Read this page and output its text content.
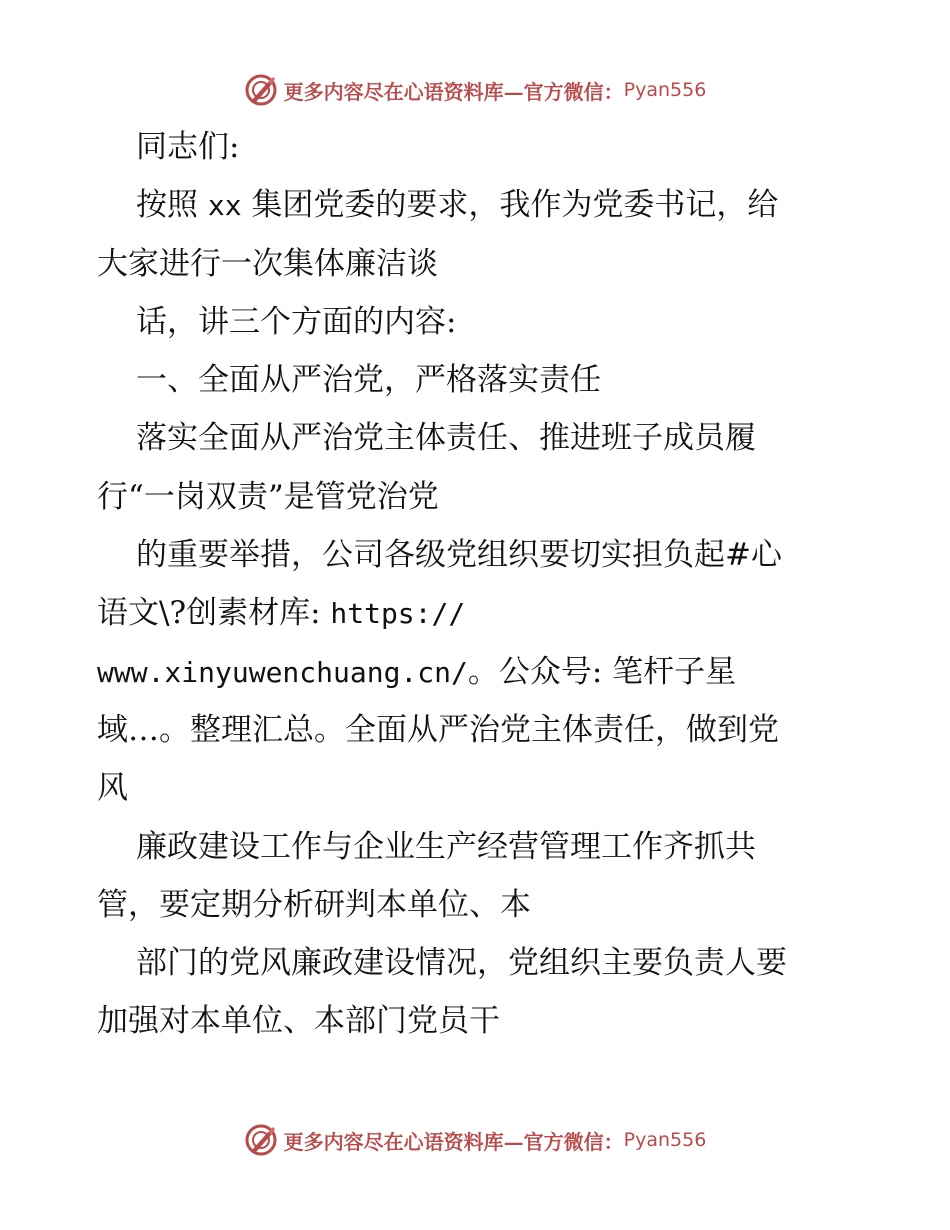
更多内容尽在心语资料库—官方微信： Pyan556
同志们:
按照 xx 集团党委的要求，我作为党委书记，给
大家进行一次集体廉洁谈
话，讲三个方面的内容:
一、全面从严治党，严格落实责任
落实全面从严治党主体责任、推进班子成员履
行“一岗双责”是管党治党
的重要举措，公司各级党组织要切实担负起#心
语文\?创素材库: https://
www.xinyuwenchuang.cn/。公众号: 笔杆子星
域…。整理汇总。全面从严治党主体责任，做到党
风
廉政建设工作与企业生产经营管理工作齐抓共
管，要定期分析研判本单位、本
部门的党风廉政建设情况，党组织主要负责人要
加强对本单位、本部门党员干
更多内容尽在心语资料库—官方微信： Pyan556
